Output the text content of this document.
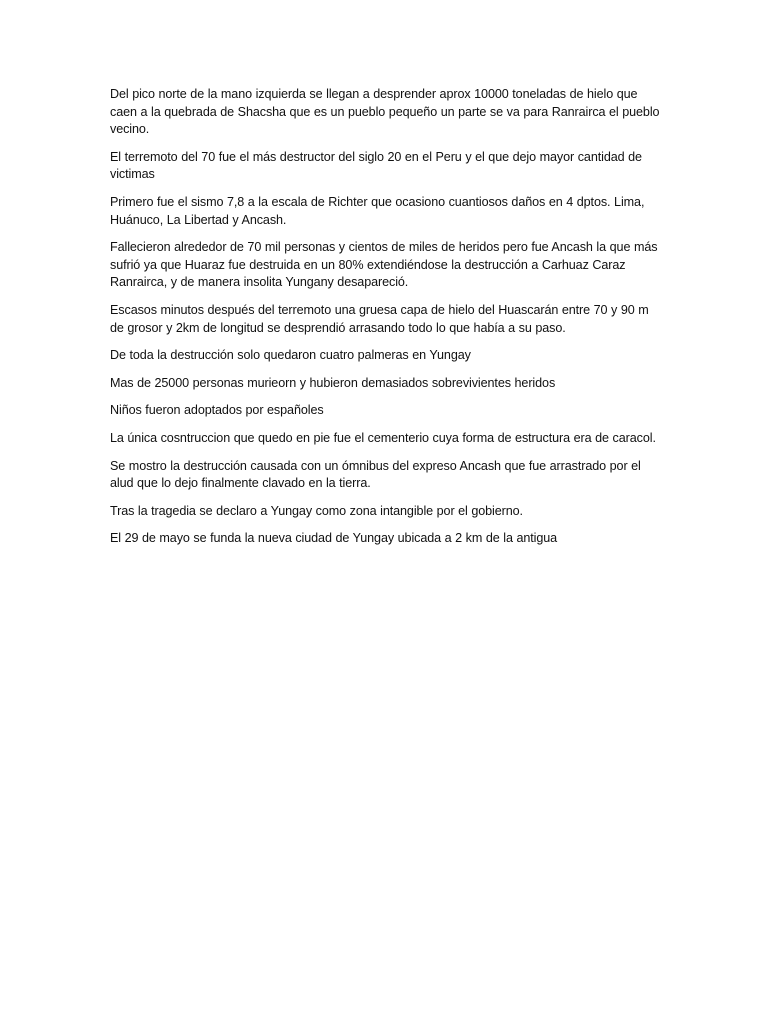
Del pico norte de la mano izquierda se llegan a desprender aprox 10000 toneladas de hielo que caen a la quebrada de Shacsha que es un pueblo pequeño un parte se va para Ranrairca el pueblo vecino.

El terremoto del 70 fue el más destructor del siglo 20 en el Peru y el que dejo mayor cantidad de victimas

Primero fue el sismo 7,8 a la escala de Richter que ocasiono cuantiosos daños en 4 dptos. Lima, Huánuco, La Libertad y Ancash.

Fallecieron alrededor de 70 mil personas y cientos de miles de heridos pero fue Ancash la que más sufrió ya que Huaraz fue destruida en un 80% extendiéndose la destrucción a Carhuaz Caraz Ranrairca, y de manera insolita Yungany desapareció.

Escasos minutos después del terremoto una gruesa capa de hielo del Huascarán entre 70 y 90 m de grosor y 2km de longitud se desprendió arrasando todo lo que había a su paso.

De toda la destrucción solo quedaron cuatro palmeras en Yungay

Mas de 25000 personas murieorn y hubieron demasiados sobrevivientes heridos

Niños fueron adoptados por españoles

La única cosntruccion que quedo en pie fue el cementerio cuya forma de estructura era de caracol.

Se mostro la destrucción causada con un ómnibus del expreso Ancash que fue arrastrado por el alud que lo dejo finalmente clavado en la tierra.

Tras la tragedia se declaro a Yungay como zona intangible por el gobierno.

El 29 de mayo se funda la nueva ciudad de Yungay ubicada a 2 km de la antigua
